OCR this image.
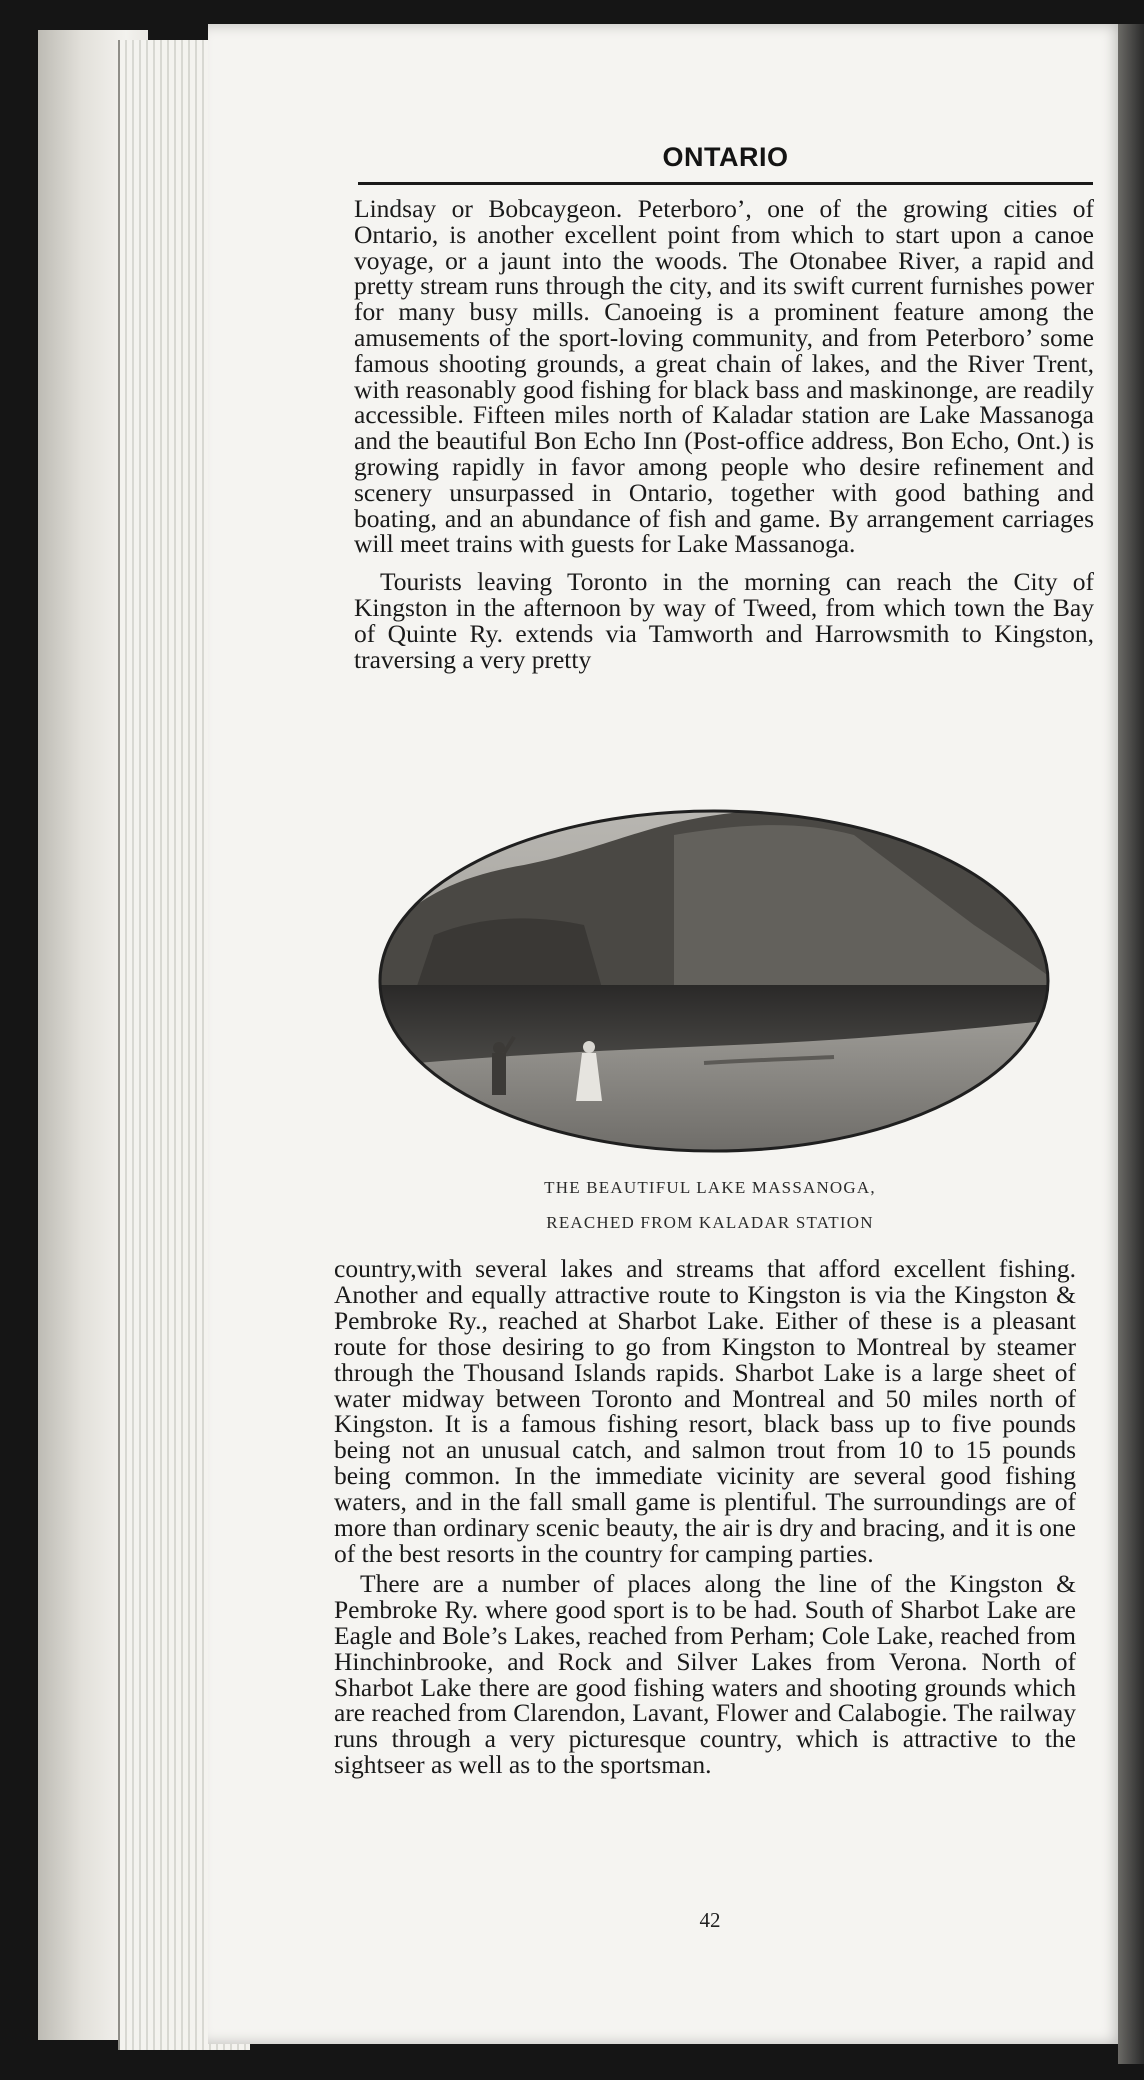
ONTARIO

Lindsay or Bobcaygeon. Peterboro’, one of the growing cities of Ontario, is another excellent point from which to start upon a canoe voyage, or a jaunt into the woods. The Otonabee River, a rapid and pretty stream runs through the city, and its swift current furnishes power for many busy mills. Canoeing is a prominent feature among the amusements of the sport-loving community, and from Peterboro’ some famous shooting grounds, a great chain of lakes, and the River Trent, with reasonably good fishing for black bass and maskinonge, are readily accessible. Fifteen miles north of Kaladar station are Lake Massanoga and the beautiful Bon Echo Inn (Post-office address, Bon Echo, Ont.) is growing rapidly in favor among people who desire refinement and scenery unsurpassed in Ontario, together with good bathing and boating, and an abundance of fish and game. By arrangement carriages will meet trains with guests for Lake Massanoga.

Tourists leaving Toronto in the morning can reach the City of Kingston in the afternoon by way of Tweed, from which town the Bay of Quinte Ry. extends via Tamworth and Harrowsmith to Kingston, traversing a very pretty

THE BEAUTIFUL LAKE MASSANOGA,
REACHED FROM KALADAR STATION

country,with several lakes and streams that afford excellent fishing. Another and equally attractive route to Kingston is via the Kingston & Pembroke Ry., reached at Sharbot Lake. Either of these is a pleasant route for those desiring to go from Kingston to Montreal by steamer through the Thousand Islands rapids. Sharbot Lake is a large sheet of water midway between Toronto and Montreal and 50 miles north of Kingston. It is a famous fishing resort, black bass up to five pounds being not an unusual catch, and salmon trout from 10 to 15 pounds being common. In the immediate vicinity are several good fishing waters, and in the fall small game is plentiful. The surroundings are of more than ordinary scenic beauty, the air is dry and bracing, and it is one of the best resorts in the country for camping parties.

There are a number of places along the line of the Kingston & Pembroke Ry. where good sport is to be had. South of Sharbot Lake are Eagle and Bole’s Lakes, reached from Perham; Cole Lake, reached from Hinchinbrooke, and Rock and Silver Lakes from Verona. North of Sharbot Lake there are good fishing waters and shooting grounds which are reached from Clarendon, Lavant, Flower and Calabogie. The railway runs through a very picturesque country, which is attractive to the sightseer as well as to the sportsman.

42
